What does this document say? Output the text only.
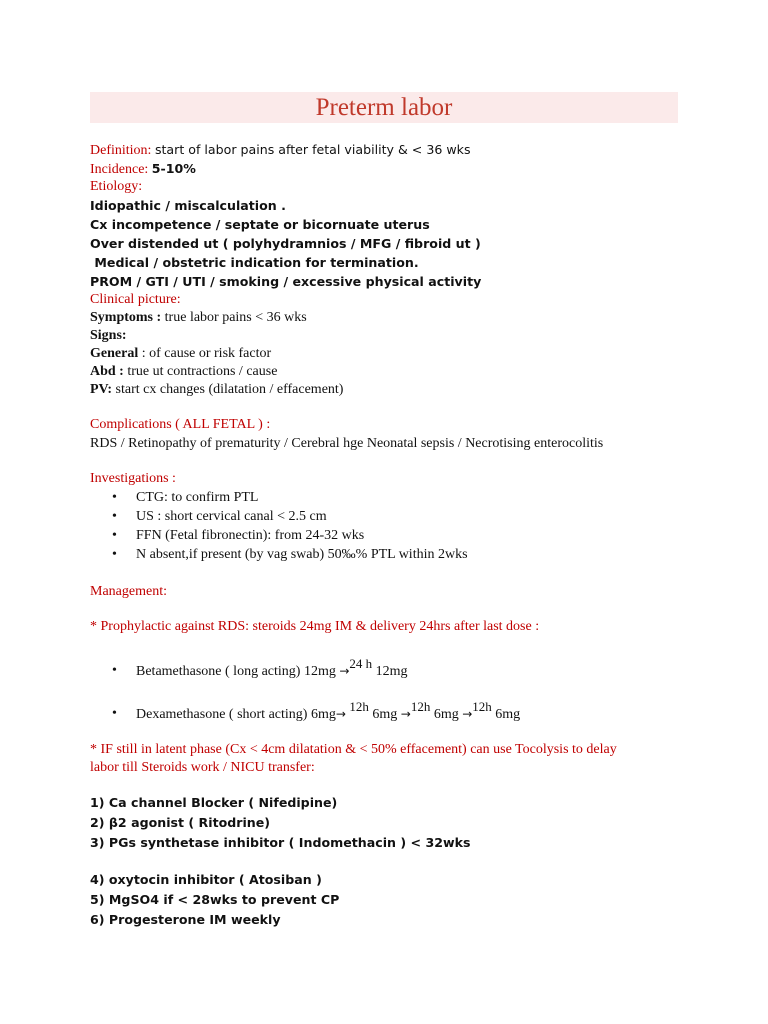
Preterm labor
Definition: start of labor pains after fetal viability & < 36 wks
Incidence: 5-10%
Etiology:
Idiopathic / miscalculation .
Cx incompetence / septate or bicornuate uterus
Over distended ut ( polyhydramnios / MFG / fibroid ut )
Medical / obstetric indication for termination.
PROM / GTI / UTI / smoking / excessive physical activity
Clinical picture:
Symptoms : true labor pains < 36 wks
Signs:
General : of cause or risk factor
Abd : true ut contractions / cause
PV: start cx changes (dilatation / effacement)
Complications ( ALL FETAL ) :
RDS / Retinopathy of prematurity / Cerebral hge Neonatal sepsis / Necrotising enterocolitis
Investigations :
• CTG: to confirm PTL
• US : short cervical canal < 2.5 cm
• FFN (Fetal fibronectin): from 24-32 wks
• N absent,if present (by vag swab) 50‰% PTL within 2wks
Management:
* Prophylactic against RDS: steroids 24mg IM & delivery 24hrs after last dose :
• Betamethasone ( long acting) 12mg →24 h 12mg
• Dexamethasone ( short acting) 6mg→ 12h 6mg →12h 6mg →12h 6mg
* IF still in latent phase (Cx < 4cm dilatation & < 50% effacement) can use Tocolysis to delay
labor till Steroids work / NICU transfer:
1) Ca channel Blocker ( Nifedipine)
2) β2 agonist ( Ritodrine)
3) PGs synthetase inhibitor ( Indomethacin ) < 32wks
4) oxytocin inhibitor ( Atosiban )
5) MgSO4 if < 28wks to prevent CP
6) Progesterone IM weekly
